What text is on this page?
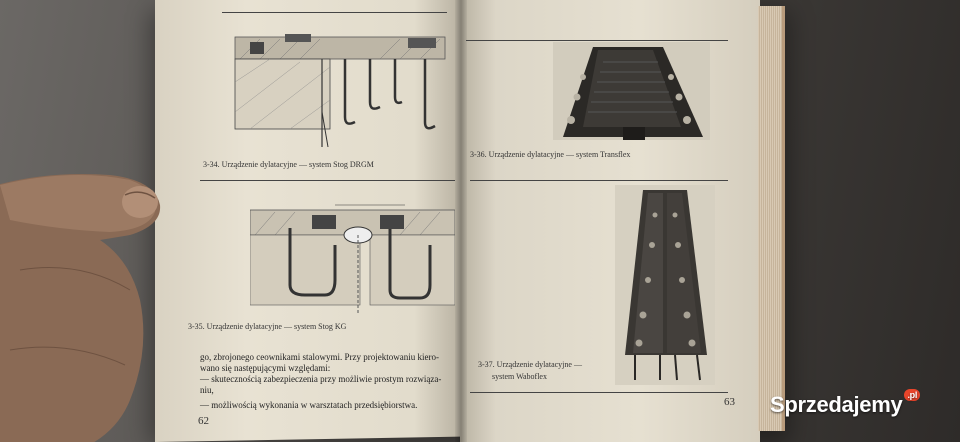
3-34. Urządzenie dylatacyjne — system Stog DRGM
3-35. Urządzenie dylatacyjne — system Stog KG
go, zbrojonego ceownikami stalowymi. Przy projektowaniu kiero-
wano się następującymi względami:
— skutecznością zabezpieczenia przy możliwie prostym rozwiąza-
niu,
— możliwością wykonania w warsztatach przedsiębiorstwa.
62
3-36. Urządzenie dylatacyjne — system Transflex
3-37. Urządzenie dylatacyjne —
system Waboflex
63 Sprzedajemy .pl
